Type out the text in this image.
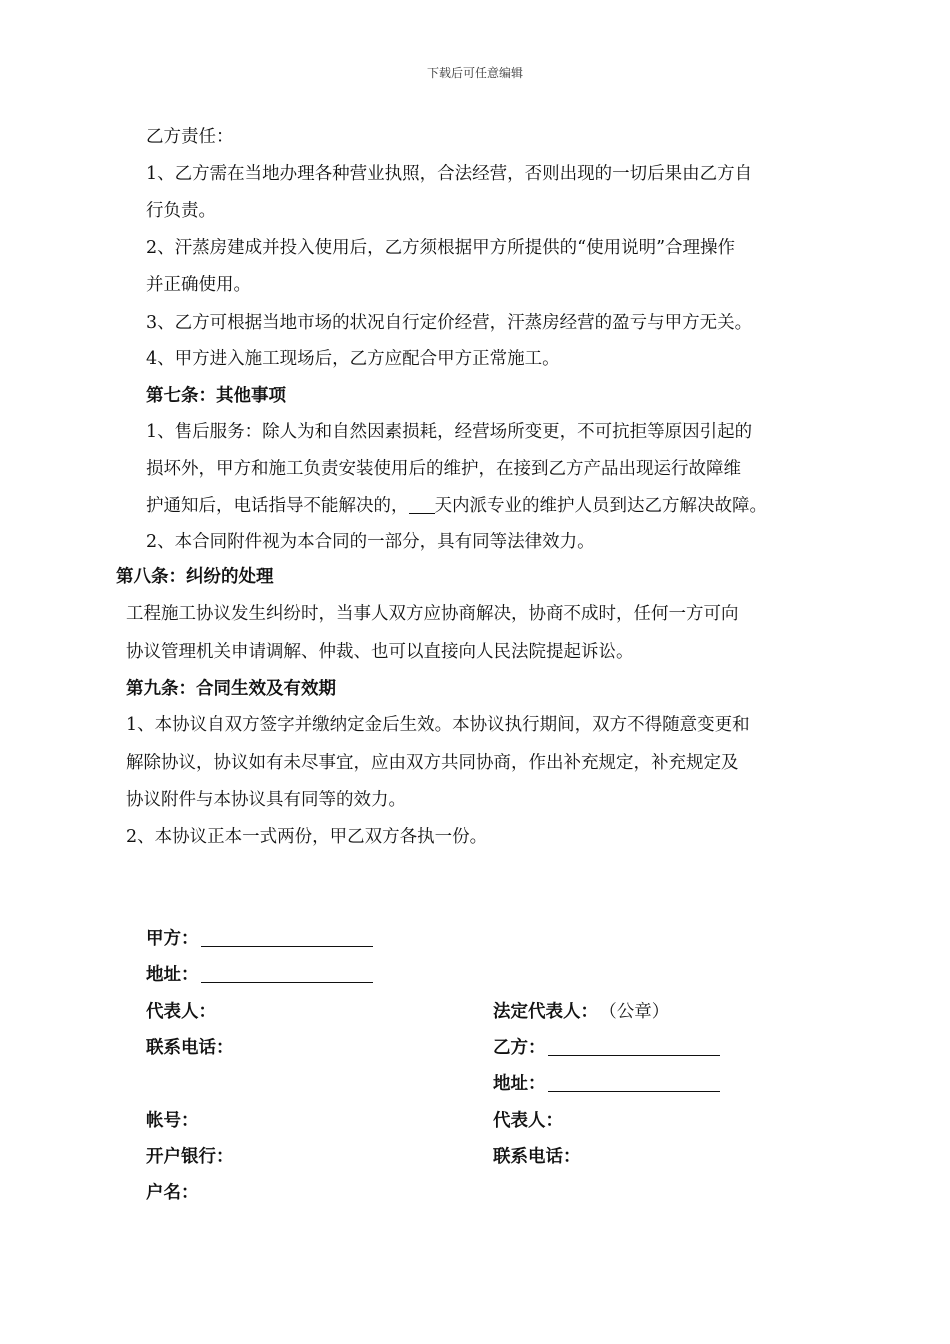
下载后可任意编辑
乙方责任：
1、乙方需在当地办理各种营业执照，合法经营，否则出现的一切后果由乙方自
行负责。
2、汗蒸房建成并投入使用后，乙方须根据甲方所提供的“使用说明”合理操作
并正确使用。
3、乙方可根据当地市场的状况自行定价经营，汗蒸房经营的盈亏与甲方无关。
4、甲方进入施工现场后，乙方应配合甲方正常施工。
第七条：其他事项
1、售后服务：除人为和自然因素损耗，经营场所变更，不可抗拒等原因引起的
损坏外，甲方和施工负责安装使用后的维护，在接到乙方产品出现运行故障维
护通知后，电话指导不能解决的， 天内派专业的维护人员到达乙方解决故障。
2、本合同附件视为本合同的一部分，具有同等法律效力。
第八条：纠纷的处理
工程施工协议发生纠纷时，当事人双方应协商解决，协商不成时，任何一方可向
协议管理机关申请调解、仲裁、也可以直接向人民法院提起诉讼。
第九条：合同生效及有效期
1、本协议自双方签字并缴纳定金后生效。本协议执行期间，双方不得随意变更和
解除协议，协议如有未尽事宜，应由双方共同协商，作出补充规定，补充规定及
协议附件与本协议具有同等的效力。
2、本协议正本一式两份，甲乙双方各执一份。
甲方：
地址：
代表人：
联系电话：
帐号：
开户银行：
户名：
法定代表人： （公章）
乙方：
地址：
代表人：
联系电话：
